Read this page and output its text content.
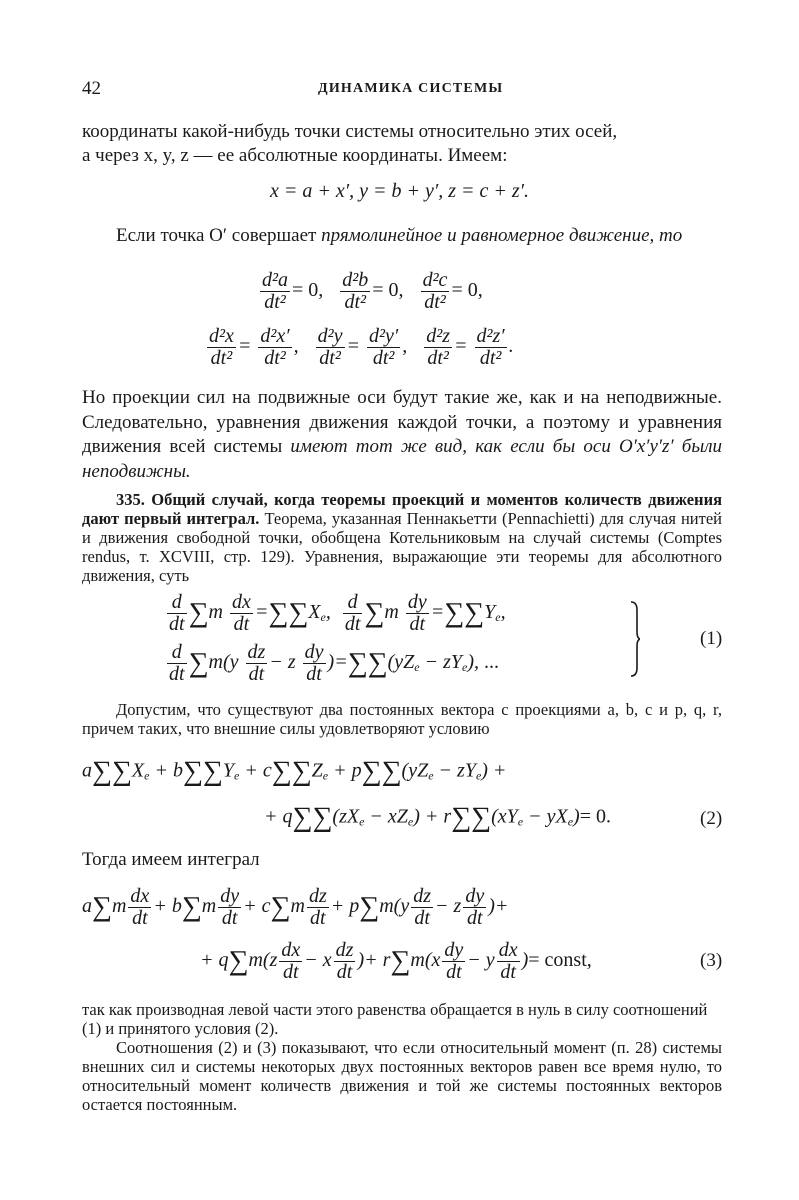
42	ДИНАМИКА СИСТЕМЫ
координаты какой-нибудь точки системы относительно этих осей,
а через x, y, z — ее абсолютные координаты. Имеем:
x = a + x′, y = b + y′, z = c + z′.
Если точка O′ совершает прямолинейное и равномерное движение, то
$\frac{\text{d²a}}{\text{dt²}} = 0$, $\frac{\text{d²b}}{\text{dt²}} = 0$, $\frac{\text{d²c}}{\text{dt²}} = 0$,
$\frac{\text{d²x}}{\text{dt²}} = \frac{\text{d²x′}}{\text{dt²}}$ , $\frac{\text{d²y}}{\text{dt²}} = \frac{\text{d²y′}}{\text{dt²}}$ , $\frac{\text{d²z}}{\text{dt²}} = \frac{\text{d²z′}}{\text{dt²}}$ .
Но проекции сил на подвижные оси будут такие же, как и на неподвижные. Следовательно, уравнения движения каждой точки, а поэтому и уравнения движения всей системы имеют тот же вид, как если бы оси O′x′y′z′ были неподвижны.
335. Общий случай, когда теоремы проекций и моментов количеств движения дают первый интеграл. Теорема, указанная Пеннакьетти (Pennachietti) для случая нитей и движения свободной точки, обобщена Котельниковым на случай системы (Comptes rendus, т. XCVIII, стр. 129). Уравнения, выражающие эти теоремы для абсолютного движения, суть
$\frac{d}{dt} \sum m \frac{dx}{dt} =\sum\sum X_e$, $\frac{d}{dt} \sum m \frac{dy}{dt} =\sum\sum Y_e$,
$\frac{d}{dt} \sum m(y \frac{dz}{dt} - z \frac{dy}{dt} )=\sum\sum(yZ_e - zY_e)$, ...
(1)
Допустим, что существуют два постоянных вектора с проекциями a, b, c и p, q, r, причем таких, что внешние силы удовлетворяют условию
$a\sum\sum X_e + b\sum\sum Y_e + c\sum\sum Z_e + p\sum\sum(yZ_e - zY_e)$ +
+ $q\sum\sum(zX_e - xZ_e) + r\sum\sum(xY_e - yX_e)= 0$.	(2)
Тогда имеем интеграл
$a\sum m \frac{dx}{dt} + b\sum m \frac{dy}{dt} + c\sum m \frac{dz}{dt} + p\sum m(y \frac{dz}{dt} - z \frac{dy}{dt}$ )+
+ $q\sum m(z \frac{dx}{dt} - x \frac{dz}{dt}$ )+ $r\sum m(x \frac{dy}{dt} - y \frac{dx}{dt}$ )= const,	(3)
так как производная левой части этого равенства обращается в нуль в силу соотношений (1) и принятого условия (2).
Соотношения (2) и (3) показывают, что если относительный момент (п. 28) системы внешних сил и системы некоторых двух постоянных векторов равен все время нулю, то относительный момент количеств движения и той же системы постоянных векторов остается постоянным.
